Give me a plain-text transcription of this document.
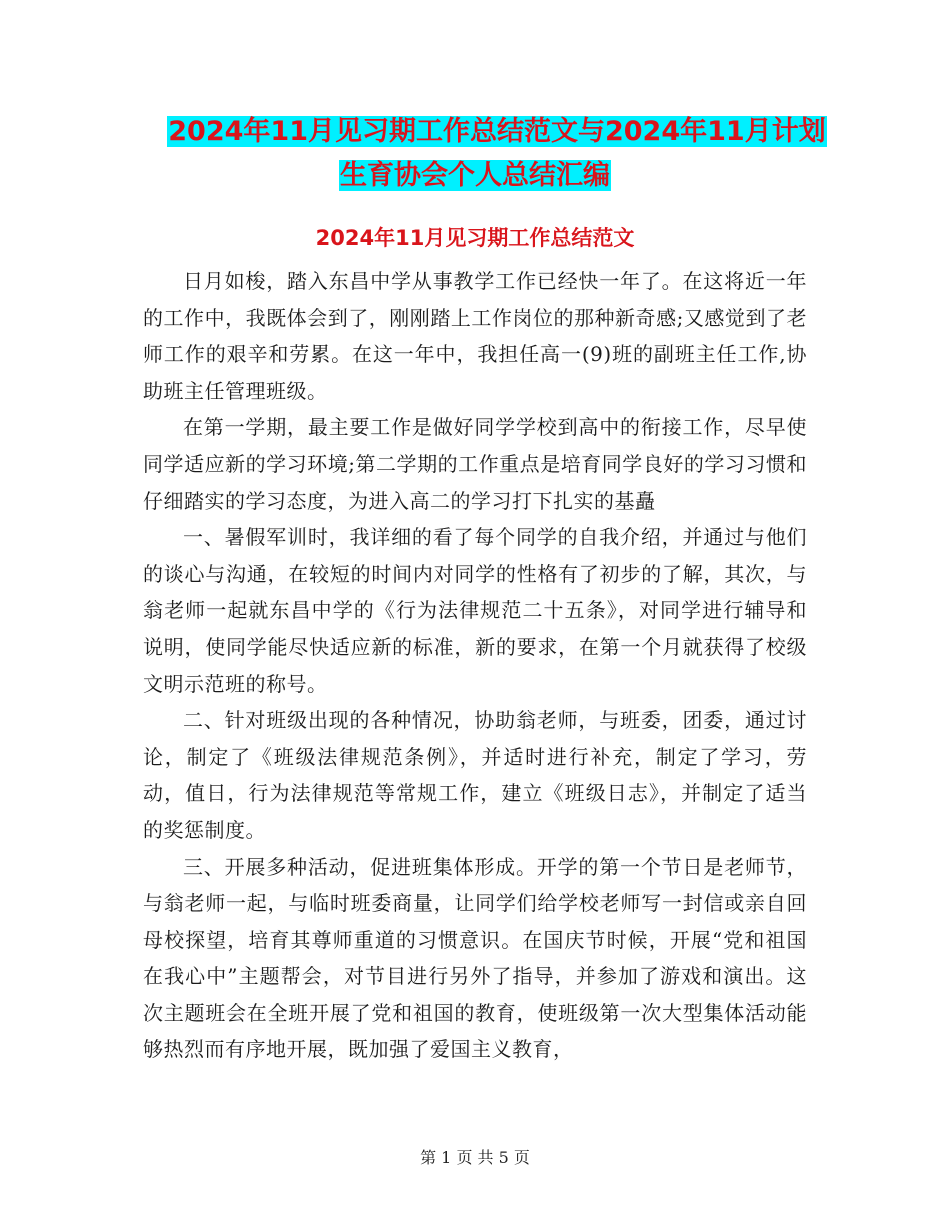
2024年11月见习期工作总结范文与2024年11月计划
生育协会个人总结汇编
2024年11月见习期工作总结范文

日月如梭，踏入东昌中学从事教学工作已经快一年了。在这将近一年的工作中，我既体会到了，刚刚踏上工作岗位的那种新奇感;又感觉到了老师工作的艰辛和劳累。在这一年中，我担任高一(9)班的副班主任工作,协助班主任管理班级。

在第一学期，最主要工作是做好同学学校到高中的衔接工作，尽早使同学适应新的学习环境;第二学期的工作重点是培育同学良好的学习习惯和仔细踏实的学习态度，为进入高二的学习打下扎实的基矗

一、暑假军训时，我详细的看了每个同学的自我介绍，并通过与他们的谈心与沟通，在较短的时间内对同学的性格有了初步的了解，其次，与翁老师一起就东昌中学的《行为法律规范二十五条》，对同学进行辅导和说明，使同学能尽快适应新的标准，新的要求，在第一个月就获得了校级文明示范班的称号。

二、针对班级出现的各种情况，协助翁老师，与班委，团委，通过讨论，制定了《班级法律规范条例》，并适时进行补充，制定了学习，劳动，值日，行为法律规范等常规工作，建立《班级日志》，并制定了适当的奖惩制度。

三、开展多种活动，促进班集体形成。开学的第一个节日是老师节，与翁老师一起，与临时班委商量，让同学们给学校老师写一封信或亲自回母校探望，培育其尊师重道的习惯意识。在国庆节时候，开展“党和祖国在我心中”主题帮会，对节目进行另外了指导，并参加了游戏和演出。这次主题班会在全班开展了党和祖国的教育，使班级第一次大型集体活动能够热烈而有序地开展，既加强了爱国主义教育，

第 1 页 共 5 页
